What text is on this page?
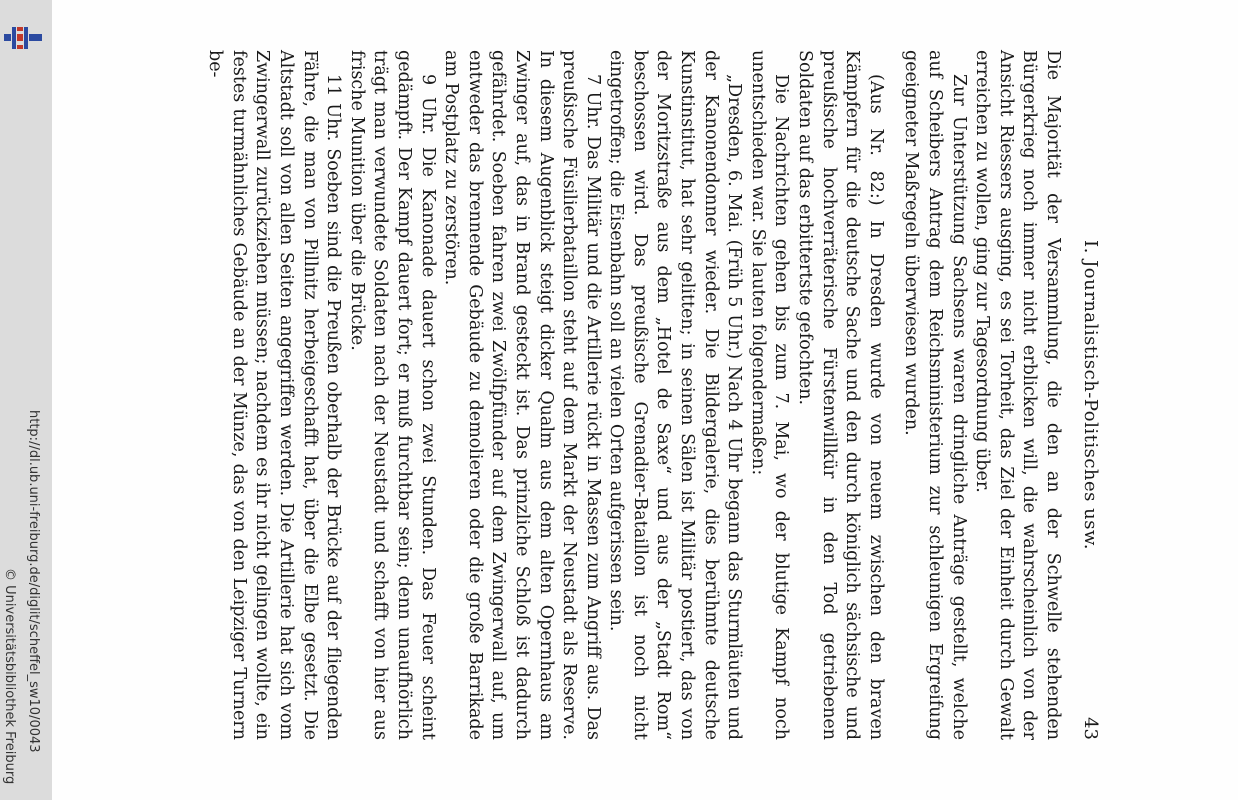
http://dl.ub.uni-freiburg.de/diglit/scheffel_sw10/0043
© Universitätsbibliothek Freiburg
I. Journalistisch-Politisches usw.
43

Die Majorität der Versammlung, die den an der Schwelle stehenden Bürgerkrieg noch immer nicht erblicken will, die wahrscheinlich von der Ansicht Riessers ausging, es sei Torheit, das Ziel der Einheit durch Gewalt erreichen zu wollen, ging zur Tagesordnung über.

Zur Unterstützung Sachsens waren dringliche Anträge gestellt, welche auf Scheibers Antrag dem Reichsministerium zur schleunigen Ergreifung geeigneter Maßregeln überwiesen wurden.

(Aus Nr. 82:) In Dresden wurde von neuem zwischen den braven Kämpfern für die deutsche Sache und den durch königlich sächsische und preußische hochverräterische Fürstenwillkür in den Tod getriebenen Soldaten auf das erbittertste gefochten.

Die Nachrichten gehen bis zum 7. Mai, wo der blutige Kampf noch unentschieden war. Sie lauten folgendermaßen:

„Dresden, 6. Mai. (Früh 5 Uhr.) Nach 4 Uhr begann das Sturmläuten und der Kanonendonner wieder. Die Bildergalerie, dies berühmte deutsche Kunstinstitut, hat sehr gelitten; in seinen Sälen ist Militär postiert, das von der Moritzstraße aus dem „Hotel de Saxe“ und aus der „Stadt Rom“ beschossen wird. Das preußische Grenadier-Bataillon ist noch nicht eingetroffen; die Eisenbahn soll an vielen Orten aufgerissen sein.

7 Uhr. Das Militär und die Artillerie rückt in Massen zum Angriff aus. Das preußische Füsilierbataillon steht auf dem Markt der Neustadt als Reserve. In diesem Augenblick steigt dicker Qualm aus dem alten Opernhaus am Zwinger auf, das in Brand gesteckt ist. Das prinzliche Schloß ist dadurch gefährdet. Soeben fahren zwei Zwölfpfünder auf dem Zwingerwall auf, um entweder das brennende Gebäude zu demolieren oder die große Barrikade am Postplatz zu zerstören.

9 Uhr. Die Kanonade dauert schon zwei Stunden. Das Feuer scheint gedämpft. Der Kampf dauert fort; er muß furchtbar sein; denn unaufhörlich trägt man verwundete Soldaten nach der Neustadt und schafft von hier aus frische Munition über die Brücke.

11 Uhr. Soeben sind die Preußen oberhalb der Brücke auf der fliegenden Fähre, die man von Pillnitz herbeigeschafft hat, über die Elbe gesetzt. Die Altstadt soll von allen Seiten angegriffen werden. Die Artillerie hat sich vom Zwingerwall zurückziehen müssen; nachdem es ihr nicht gelingen wollte, ein festes turmähnliches Gebäude an der Münze, das von den Leipziger Turnern be-
